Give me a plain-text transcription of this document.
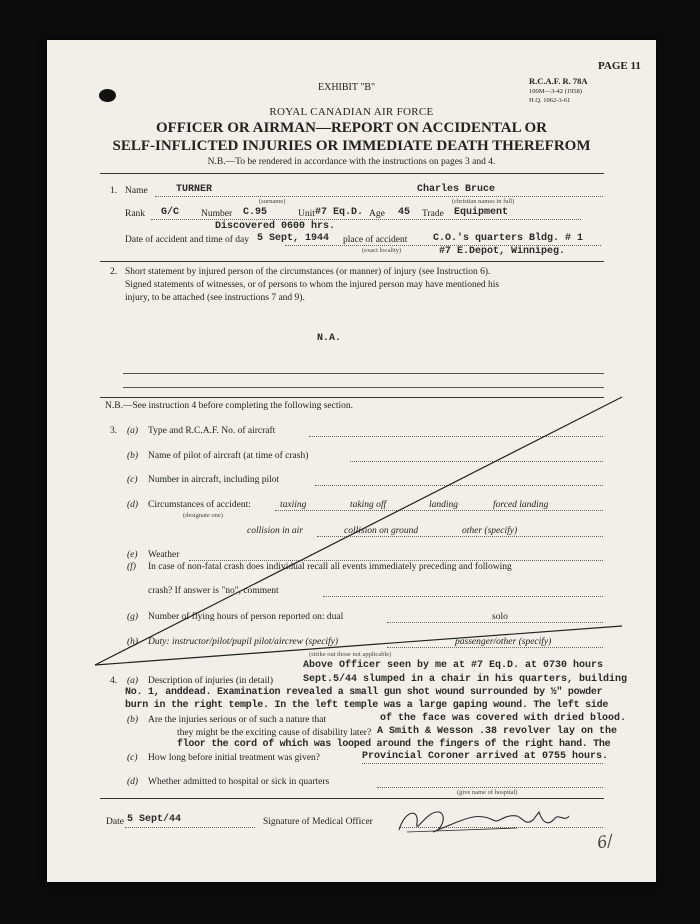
PAGE 11
EXHIBIT "B"
R.C.A.F. R. 78A
100M—3-42 (1958)
H.Q. 1062-3-61
ROYAL CANADIAN AIR FORCE
OFFICER OR AIRMAN—REPORT ON ACCIDENTAL OR
SELF-INFLICTED INJURIES OR IMMEDIATE DEATH THEREFROM
N.B.—To be rendered in accordance with the instructions on pages 3 and 4.
1. Name	TURNER	Charles Bruce
(surname)	(christian names in full)
Rank G/C Number C.95	Unit #7 Eq.D. Age 45 Trade Equipment
Discovered 0600 hrs.
Date of accident and time of day 5 Sept, 1944 place of accident	C.O.'s quarters Bldg. # 1
(exact locality)	#7 E.Depot, Winnipeg.
2. Short statement by injured person of the circumstances (or manner) of injury (see Instruction 6).
Signed statements of witnesses, or of persons to whom the injured person may have mentioned his
injury, to be attached (see instructions 7 and 9).
N.A.
N.B.—See instruction 4 before completing the following section.
3. (a) Type and R.C.A.F. No. of aircraft
(b) Name of pilot of aircraft (at time of crash)
(c) Number in aircraft, including pilot
(d) Circumstances of accident:
(designate one)
taxiing	taking off	landing	forced landing
collision in air	collision on ground	other (specify)
(e) Weather
(f) In case of non-fatal crash does individual recall all events immediately preceding and following
crash? If answer is "no", comment
(g) Number of flying hours of person reported on: dual	solo
(h) Duty: instructor/pilot/pupil pilot/aircrew (specify)	passenger/other (specify)
(strike out those not applicable)
Above Officer seen by me at #7 Eq.D. at 0730 hours
4. (a) Description of injuries (in detail)	Sept.5/44 slumped in a chair in his quarters, building
No. 1, anddead. Examination revealed a small gun shot wound surrounded by ½" powder
burn in the right temple. In the left temple was a large gaping wound. The left side
(b) Are the injuries serious or of such a nature that	of the face was covered with dried blood.
they might be the exciting cause of disability later? A Smith & Wesson .38 revolver lay on the
floor the cord of which was looped around the fingers of the right hand. The
(c) How long before initial treatment was given?	Provincial Coroner arrived at 0755 hours.
(d) Whether admitted to hospital or sick in quarters
(give name of hospital)
Date 5 Sept/44	Signature of Medical Officer
6/
